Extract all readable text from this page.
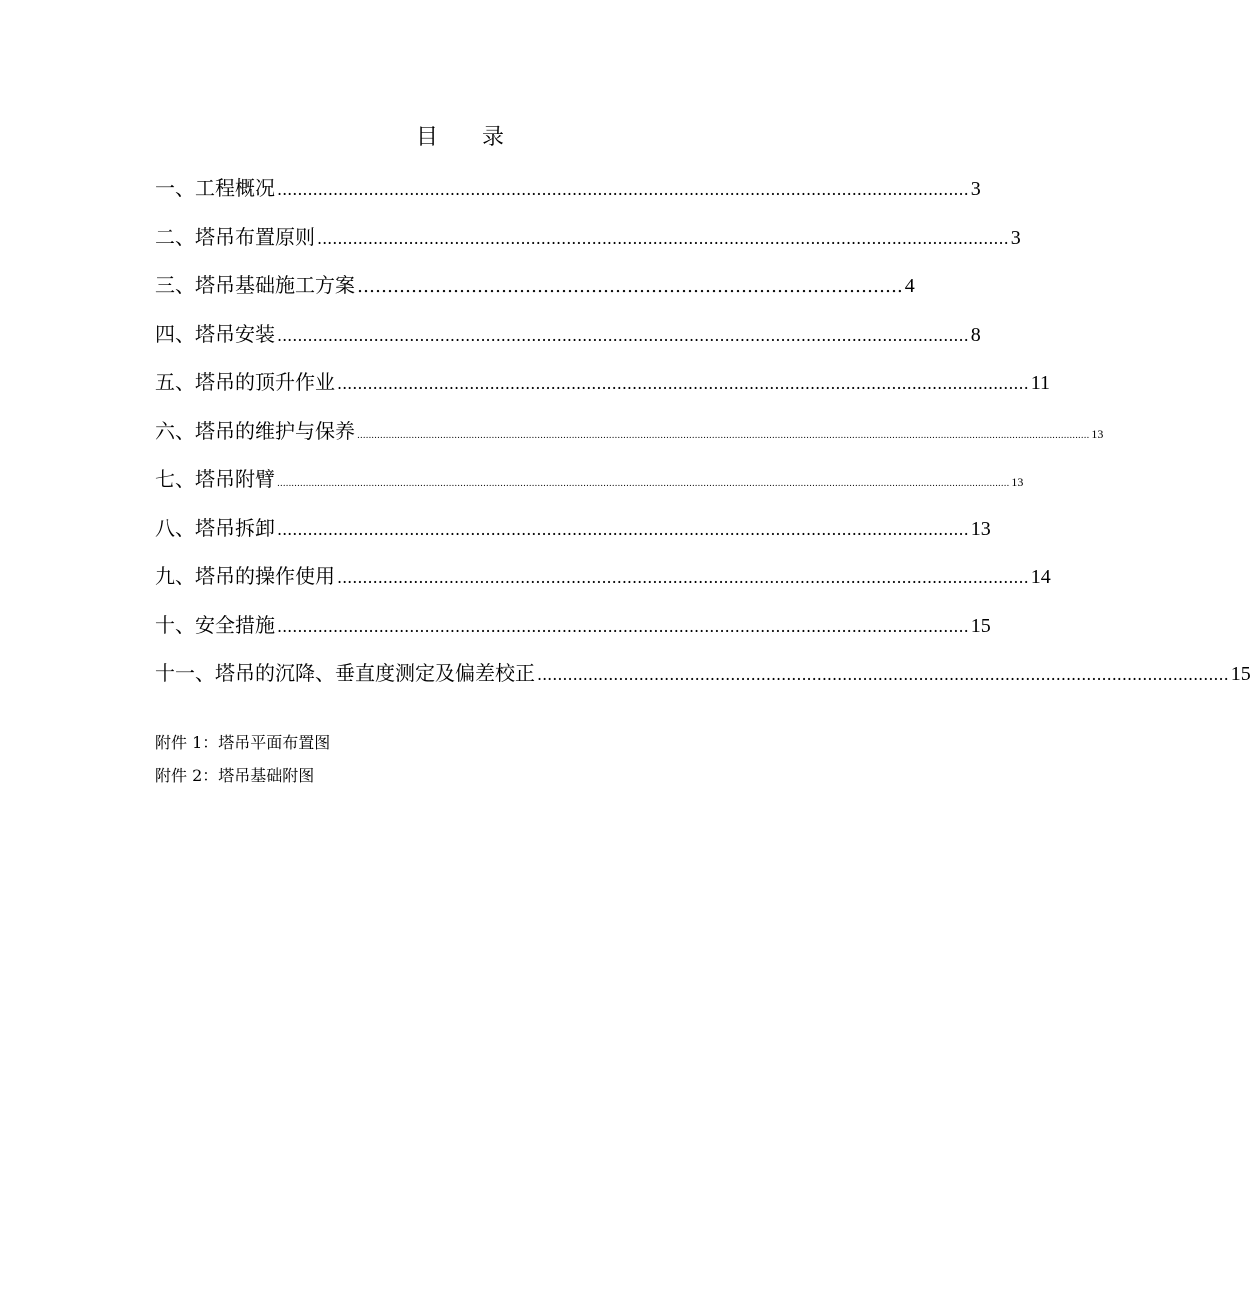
目 录
一、工程概况 ........................................................................................................................................ 3
二、塔吊布置原则 ........................................................................................................................................ 3
三、塔吊基础施工方案 ………………………………………………………………………………. 4
四、塔吊安装 ........................................................................................................................................ 8
五、塔吊的顶升作业 ........................................................................................................................................ 11
六、塔吊的维护与保养 ................................................................................................................................................................................................................................................................ 13
七、塔吊附臂 ................................................................................................................................................................................................................................................................ 13
八、塔吊拆卸 ........................................................................................................................................ 13
九、塔吊的操作使用 ........................................................................................................................................ 14
十、安全措施 ........................................................................................................................................ 15
十一、塔吊的沉降、垂直度测定及偏差校正 ........................................................................................................................................ 15
附件 1：塔吊平面布置图
附件 2：塔吊基础附图
